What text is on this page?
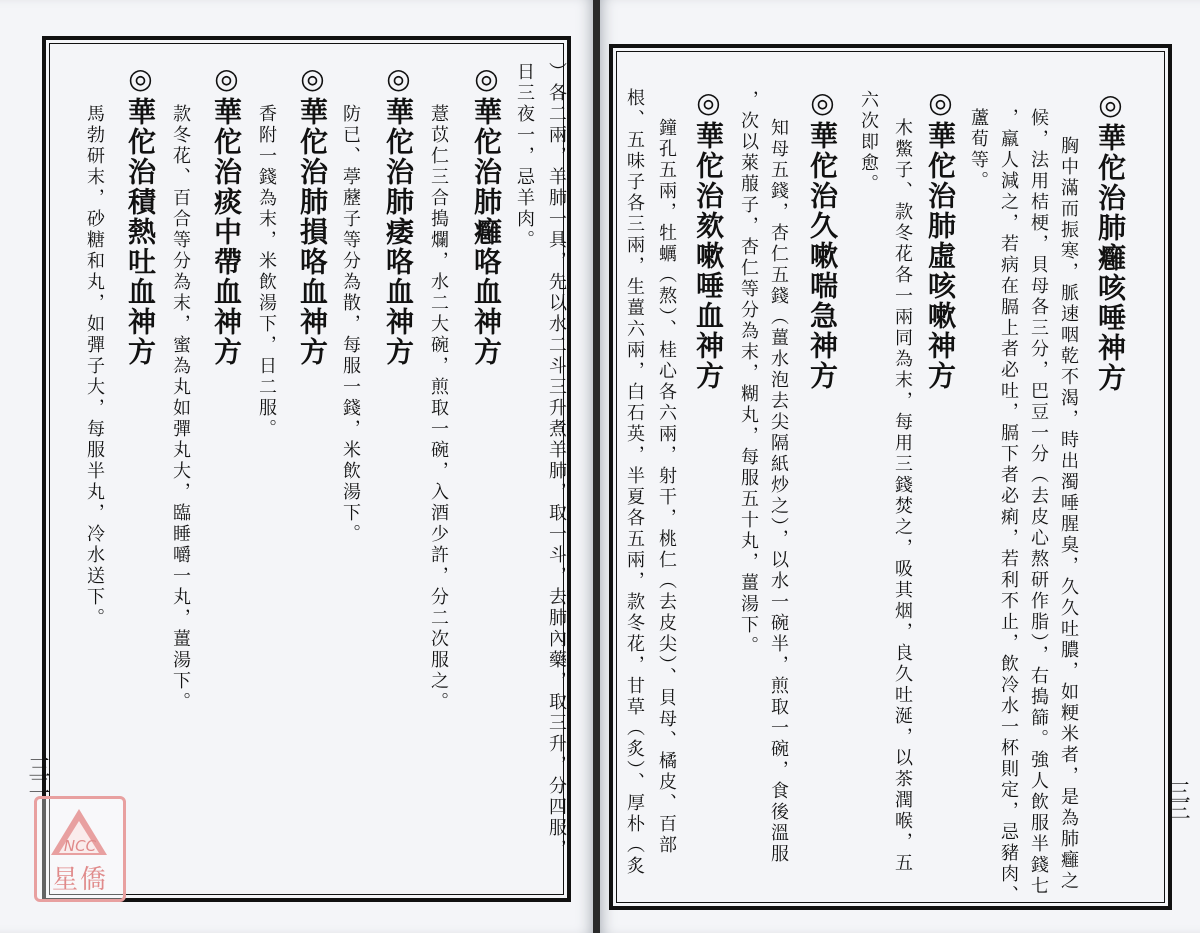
）各二兩，羊肺一具，先以水二斗三升煮羊肺，取一斗，去肺內藥，取三升，分四服，
日三夜一，忌羊肉。
◎華佗治肺癰咯血神方
薏苡仁三合搗爛，水二大碗，煎取一碗，入酒少許，分二次服之。
◎華佗治肺痿咯血神方
防已、葶藶子等分為散，每服一錢，米飲湯下。
◎華佗治肺損咯血神方
香附一錢為末，米飲湯下，日二服。
◎華佗治痰中帶血神方
款冬花、百合等分為末，蜜為丸如彈丸大，臨睡嚼一丸，薑湯下。
◎華佗治積熱吐血神方
馬勃研末，砂糖和丸，如彈子大，每服半丸，冷水送下。
三二
NCC
星僑
◎華佗治肺癰咳唾神方
胸中滿而振寒，脈速咽乾不渴，時出濁唾腥臭，久久吐膿，如粳米者，是為肺癰之
候，法用桔梗，貝母各三分，巴豆一分（去皮心熬研作脂），右搗篩。強人飲服半錢七
，羸人減之，若病在膈上者必吐，膈下者必痢，若利不止，飲冷水一杯則定，忌豬肉、
蘆荀等。
◎華佗治肺虛咳嗽神方
木鱉子、款冬花各一兩同為末，每用三錢焚之，吸其烟，良久吐涎，以茶潤喉，五
六次即愈。
◎華佗治久嗽喘急神方
知母五錢，杏仁五錢（薑水泡去尖隔紙炒之），以水一碗半，煎取一碗，食後溫服
，次以萊菔子，杏仁等分為末，糊丸，每服五十丸，薑湯下。
◎華佗治欬嗽唾血神方
鐘孔五兩，牡蠣（熬）、桂心各六兩，射干，桃仁（去皮尖）、貝母、橘皮、百部
根、五味子各三兩，生薑六兩，白石英，半夏各五兩，款冬花，甘草（炙）、厚朴（炙	三三
